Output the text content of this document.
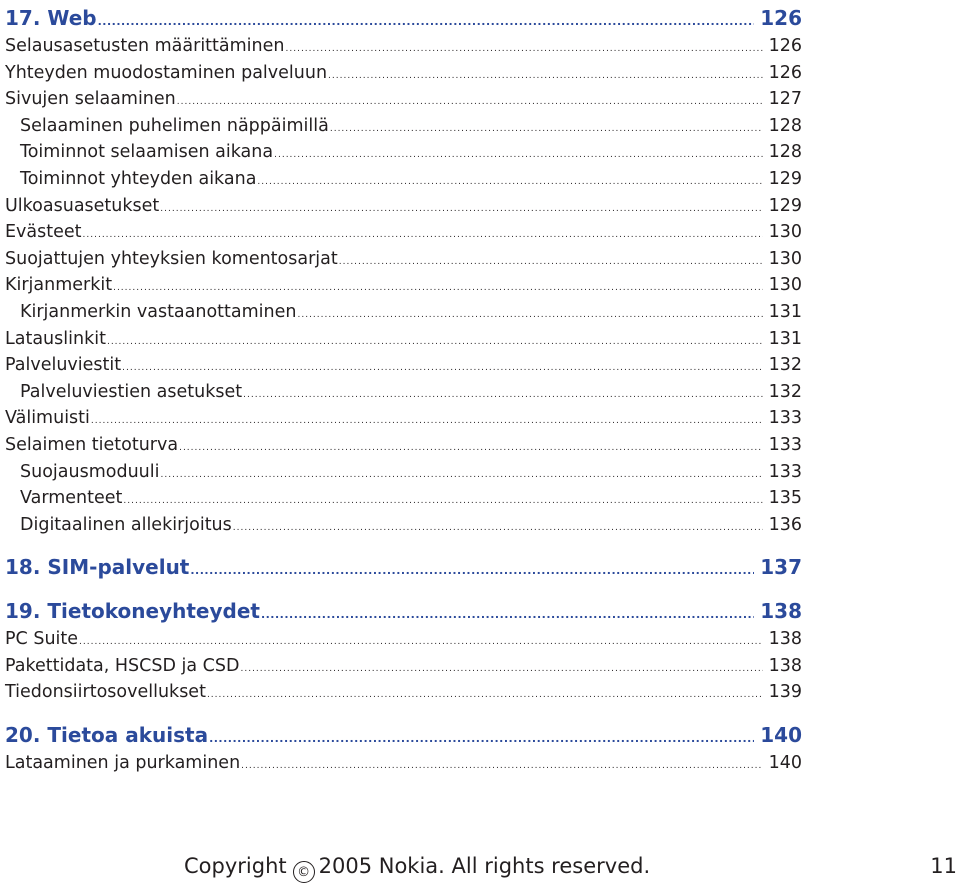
17. Web .....	126
Selausasetusten määrittäminen .....	126
Yhteyden muodostaminen palveluun .....	126
Sivujen selaaminen .....	127
Selaaminen puhelimen näppäimillä .....	128
Toiminnot selaamisen aikana .....	128
Toiminnot yhteyden aikana .....	129
Ulkoasuasetukset .....	129
Evästeet .....	130
Suojattujen yhteyksien komentosarjat .....	130
Kirjanmerkit .....	130
Kirjanmerkin vastaanottaminen .....	131
Latauslinkit .....	131
Palveluviestit .....	132
Palveluviestien asetukset .....	132
Välimuisti .....	133
Selaimen tietoturva .....	133
Suojausmoduuli .....	133
Varmenteet .....	135
Digitaalinen allekirjoitus .....	136
18. SIM-palvelut .....	137
19. Tietokoneyhteydet .....	138
PC Suite .....	138
Pakettidata, HSCSD ja CSD .....	138
Tiedonsiirtosovellukset .....	139
20. Tietoa akuista .....	140
Lataaminen ja purkaminen .....	140
Copyright © 2005 Nokia. All rights reserved.	11
